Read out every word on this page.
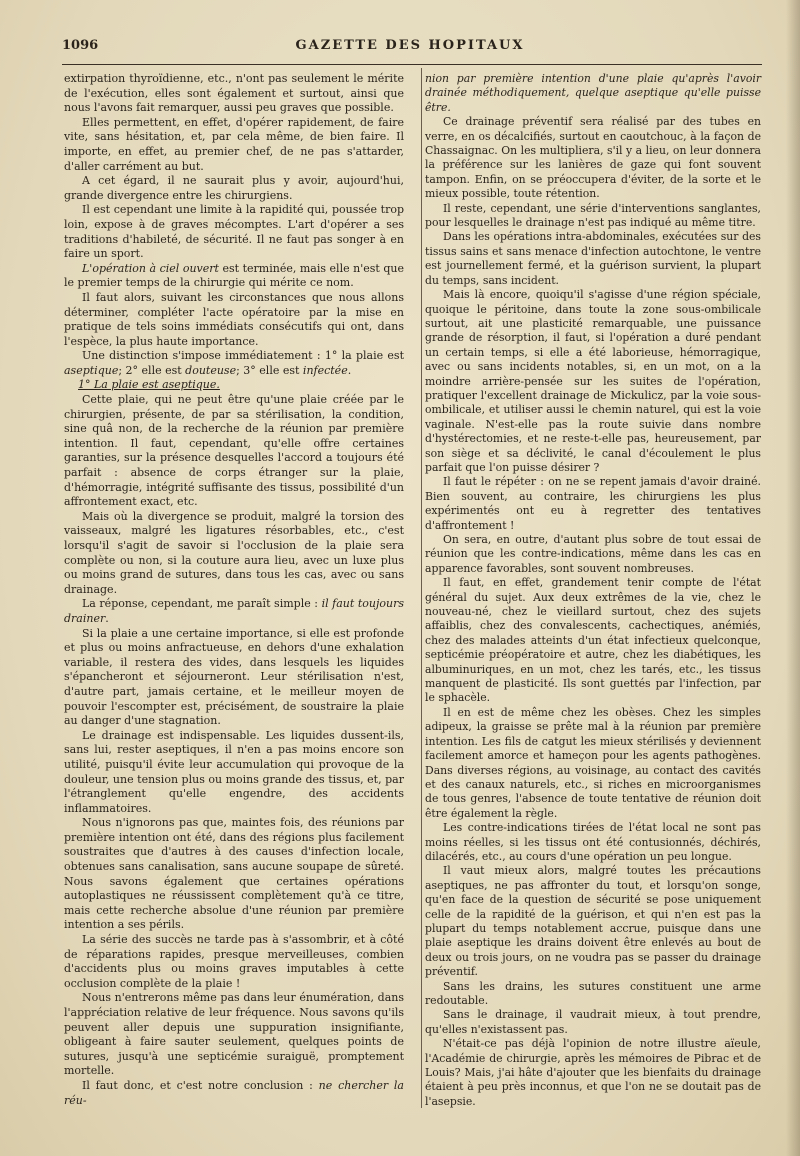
1096	GAZETTE DES HOPITAUX

extirpation thyroïdienne, etc., n'ont pas seulement le mérite de l'exécution, elles sont également et surtout, ainsi que nous l'avons fait remarquer, aussi peu graves que possible.

Elles permettent, en effet, d'opérer rapidement, de faire vite, sans hésitation, et, par cela même, de bien faire. Il importe, en effet, au premier chef, de ne pas s'attarder, d'aller carrément au but.

A cet égard, il ne saurait plus y avoir, aujourd'hui, grande divergence entre les chirurgiens.

Il est cependant une limite à la rapidité qui, poussée trop loin, expose à de graves mécomptes. L'art d'opérer a ses traditions d'habileté, de sécurité. Il ne faut pas songer à en faire un sport.

L'opération à ciel ouvert est terminée, mais elle n'est que le premier temps de la chirurgie qui mérite ce nom.

Il faut alors, suivant les circonstances que nous allons déterminer, compléter l'acte opératoire par la mise en pratique de tels soins immédiats consécutifs qui ont, dans l'espèce, la plus haute importance.

Une distinction s'impose immédiatement : 1° la plaie est aseptique; 2° elle est douteuse; 3° elle est infectée.

1° La plaie est aseptique.

Cette plaie, qui ne peut être qu'une plaie créée par le chirurgien, présente, de par sa stérilisation, la condition, sine quâ non, de la recherche de la réunion par première intention. Il faut, cependant, qu'elle offre certaines garanties, sur la présence desquelles l'accord a toujours été parfait : absence de corps étranger sur la plaie, d'hémorragie, intégrité suffisante des tissus, possibilité d'un affrontement exact, etc.

Mais où la divergence se produit, malgré la torsion des vaisseaux, malgré les ligatures résorbables, etc., c'est lorsqu'il s'agit de savoir si l'occlusion de la plaie sera complète ou non, si la couture aura lieu, avec un luxe plus ou moins grand de sutures, dans tous les cas, avec ou sans drainage.

La réponse, cependant, me paraît simple : il faut toujours drainer.

Si la plaie a une certaine importance, si elle est profonde et plus ou moins anfractueuse, en dehors d'une exhalation variable, il restera des vides, dans lesquels les liquides s'épancheront et séjourneront. Leur stérilisation n'est, d'autre part, jamais certaine, et le meilleur moyen de pouvoir l'escompter est, précisément, de soustraire la plaie au danger d'une stagnation.

Le drainage est indispensable. Les liquides dussent-ils, sans lui, rester aseptiques, il n'en a pas moins encore son utilité, puisqu'il évite leur accumulation qui provoque de la douleur, une tension plus ou moins grande des tissus, et, par l'étranglement qu'elle engendre, des accidents inflammatoires.

Nous n'ignorons pas que, maintes fois, des réunions par première intention ont été, dans des régions plus facilement soustraites que d'autres à des causes d'infection locale, obtenues sans canalisation, sans aucune soupape de sûreté. Nous savons également que certaines opérations autoplastiques ne réussissent complètement qu'à ce titre, mais cette recherche absolue d'une réunion par première intention a ses périls.

La série des succès ne tarde pas à s'assombrir, et à côté de réparations rapides, presque merveilleuses, combien d'accidents plus ou moins graves imputables à cette occlusion complète de la plaie !

Nous n'entrerons même pas dans leur énumération, dans l'appréciation relative de leur fréquence. Nous savons qu'ils peuvent aller depuis une suppuration insignifiante, obligeant à faire sauter seulement, quelques points de sutures, jusqu'à une septicémie suraiguë, promptement mortelle.

Il faut donc, et c'est notre conclusion : ne chercher la réu-

nion par première intention d'une plaie qu'après l'avoir drainée méthodiquement, quelque aseptique qu'elle puisse être.

Ce drainage préventif sera réalisé par des tubes en verre, en os décalcifiés, surtout en caoutchouc, à la façon de Chassaignac. On les multipliera, s'il y a lieu, on leur donnera la préférence sur les lanières de gaze qui font souvent tampon. Enfin, on se préoccupera d'éviter, de la sorte et le mieux possible, toute rétention.

Il reste, cependant, une série d'interventions sanglantes, pour lesquelles le drainage n'est pas indiqué au même titre.

Dans les opérations intra-abdominales, exécutées sur des tissus sains et sans menace d'infection autochtone, le ventre est journellement fermé, et la guérison survient, la plupart du temps, sans incident.

Mais là encore, quoiqu'il s'agisse d'une région spéciale, quoique le péritoine, dans toute la zone sous-ombilicale surtout, ait une plasticité remarquable, une puissance grande de résorption, il faut, si l'opération a duré pendant un certain temps, si elle a été laborieuse, hémorragique, avec ou sans incidents notables, si, en un mot, on a la moindre arrière-pensée sur les suites de l'opération, pratiquer l'excellent drainage de Mickulicz, par la voie sous-ombilicale, et utiliser aussi le chemin naturel, qui est la voie vaginale. N'est-elle pas la route suivie dans nombre d'hystérectomies, et ne reste-t-elle pas, heureusement, par son siège et sa déclivité, le canal d'écoulement le plus parfait que l'on puisse désirer ?

Il faut le répéter : on ne se repent jamais d'avoir drainé. Bien souvent, au contraire, les chirurgiens les plus expérimentés ont eu à regretter des tentatives d'affrontement !

On sera, en outre, d'autant plus sobre de tout essai de réunion que les contre-indications, même dans les cas en apparence favorables, sont souvent nombreuses.

Il faut, en effet, grandement tenir compte de l'état général du sujet. Aux deux extrêmes de la vie, chez le nouveau-né, chez le vieillard surtout, chez des sujets affaiblis, chez des convalescents, cachectiques, anémiés, chez des malades atteints d'un état infectieux quelconque, septicémie préopératoire et autre, chez les diabétiques, les albuminuriques, en un mot, chez les tarés, etc., les tissus manquent de plasticité. Ils sont guettés par l'infection, par le sphacèle.

Il en est de même chez les obèses. Chez les simples adipeux, la graisse se prête mal à la réunion par première intention. Les fils de catgut les mieux stérilisés y deviennent facilement amorce et hameçon pour les agents pathogènes. Dans diverses régions, au voisinage, au contact des cavités et des canaux naturels, etc., si riches en microorganismes de tous genres, l'absence de toute tentative de réunion doit être également la règle.

Les contre-indications tirées de l'état local ne sont pas moins réelles, si les tissus ont été contusionnés, déchirés, dilacérés, etc., au cours d'une opération un peu longue.

Il vaut mieux alors, malgré toutes les précautions aseptiques, ne pas affronter du tout, et lorsqu'on songe, qu'en face de la question de sécurité se pose uniquement celle de la rapidité de la guérison, et qui n'en est pas la plupart du temps notablement accrue, puisque dans une plaie aseptique les drains doivent être enlevés au bout de deux ou trois jours, on ne voudra pas se passer du drainage préventif.

Sans les drains, les sutures constituent une arme redoutable.

Sans le drainage, il vaudrait mieux, à tout prendre, qu'elles n'existassent pas.

N'était-ce pas déjà l'opinion de notre illustre aïeule, l'Académie de chirurgie, après les mémoires de Pibrac et de Louis? Mais, j'ai hâte d'ajouter que les bienfaits du drainage étaient à peu près inconnus, et que l'on ne se doutait pas de l'asepsie.
